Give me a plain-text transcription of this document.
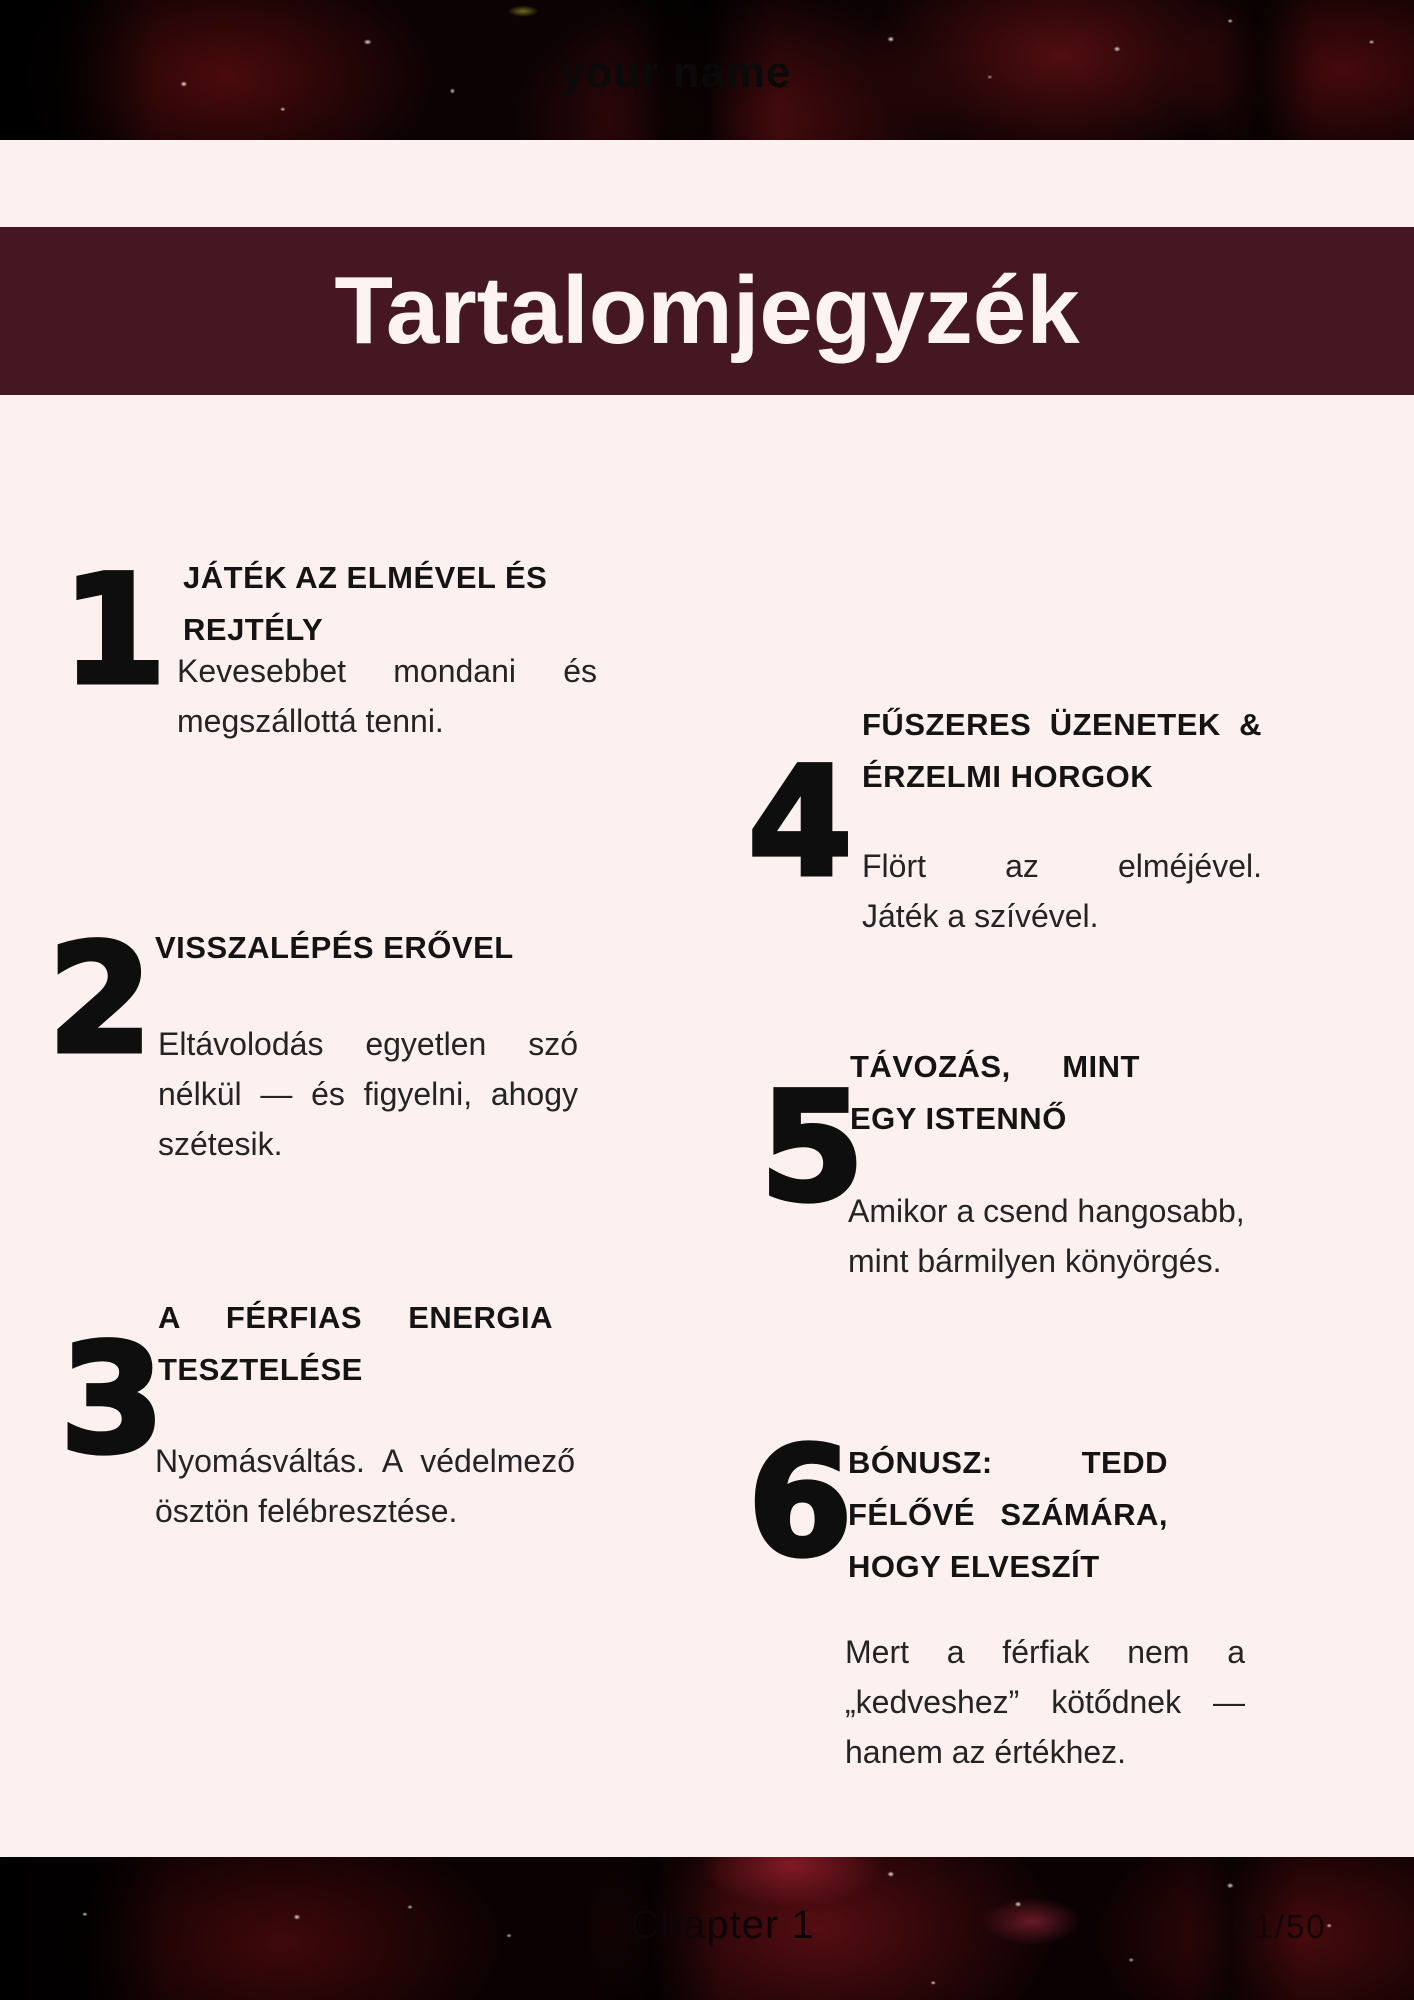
your name
Tartalomjegyzék
1 JÁTÉK AZ ELMÉVEL ÉS REJTÉLY
Kevesebbet mondani és
megszállottá tenni.
2 VISSZALÉPÉS ERŐVEL
Eltávolodás egyetlen szó
nélkül — és figyelni, ahogy
szétesik.
3
A FÉRFIAS ENERGIA
TESZTELÉSE
Nyomásváltás. A védelmező
ösztön felébresztése.
4
FŰSZERES ÜZENETEK &
ÉRZELMI HORGOK
Flört az elméjével.
Játék a szívével.
5
TÁVOZÁS, MINT
EGY ISTENNŐ
Amikor a csend hangosabb,
mint bármilyen könyörgés.
6
BÓNUSZ: TEDD
FÉLŐVÉ SZÁMÁRA,
HOGY ELVESZÍT
Mert a férfiak nem a
„kedveshez” kötődnek —
hanem az értékhez.
Chapter 1	01/50
